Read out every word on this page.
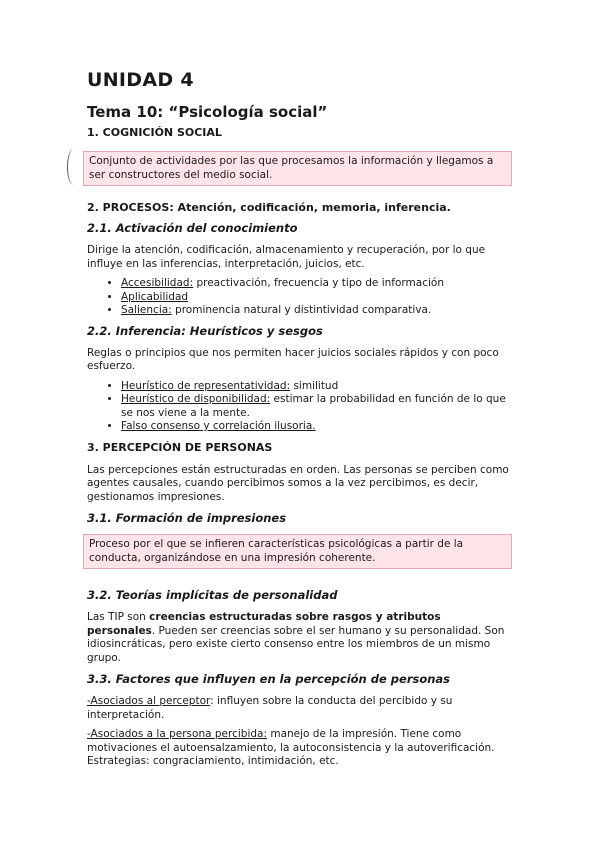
UNIDAD 4
Tema 10: “Psicología social”
1. COGNICIÓN SOCIAL
Conjunto de actividades por las que procesamos la información y llegamos a ser constructores del medio social.
2. PROCESOS: Atención, codificación, memoria, inferencia.
2.1. Activación del conocimiento

Dirige la atención, codificación, almacenamiento y recuperación, por lo que influye en las inferencias, interpretación, juicios, etc.

• Accesibilidad: preactivación, frecuencia y tipo de información
• Aplicabilidad
• Saliencia: prominencia natural y distintividad comparativa.
2.2. Inferencia: Heurísticos y sesgos

Reglas o principios que nos permiten hacer juicios sociales rápidos y con poco esfuerzo.

• Heurístico de representatividad: similitud
• Heurístico de disponibilidad: estimar la probabilidad en función de lo que se nos viene a la mente.
• Falso consenso y correlación ilusoria.
3. PERCEPCIÓN DE PERSONAS

Las percepciones están estructuradas en orden. Las personas se perciben como agentes causales, cuando percibimos somos a la vez percibimos, es decir, gestionamos impresiones.

3.1. Formación de impresiones
Proceso por el que se infieren características psicológicas a partir de la conducta, organizándose en una impresión coherente.
3.2. Teorías implícitas de personalidad

Las TIP son creencias estructuradas sobre rasgos y atributos personales. Pueden ser creencias sobre el ser humano y su personalidad. Son idiosincráticas, pero existe cierto consenso entre los miembros de un mismo grupo.

3.3. Factores que influyen en la percepción de personas

-Asociados al perceptor: influyen sobre la conducta del percibido y su interpretación.

-Asociados a la persona percibida: manejo de la impresión. Tiene como motivaciones el autoensalzamiento, la autoconsistencia y la autoverificación. Estrategias: congraciamiento, intimidación, etc.
